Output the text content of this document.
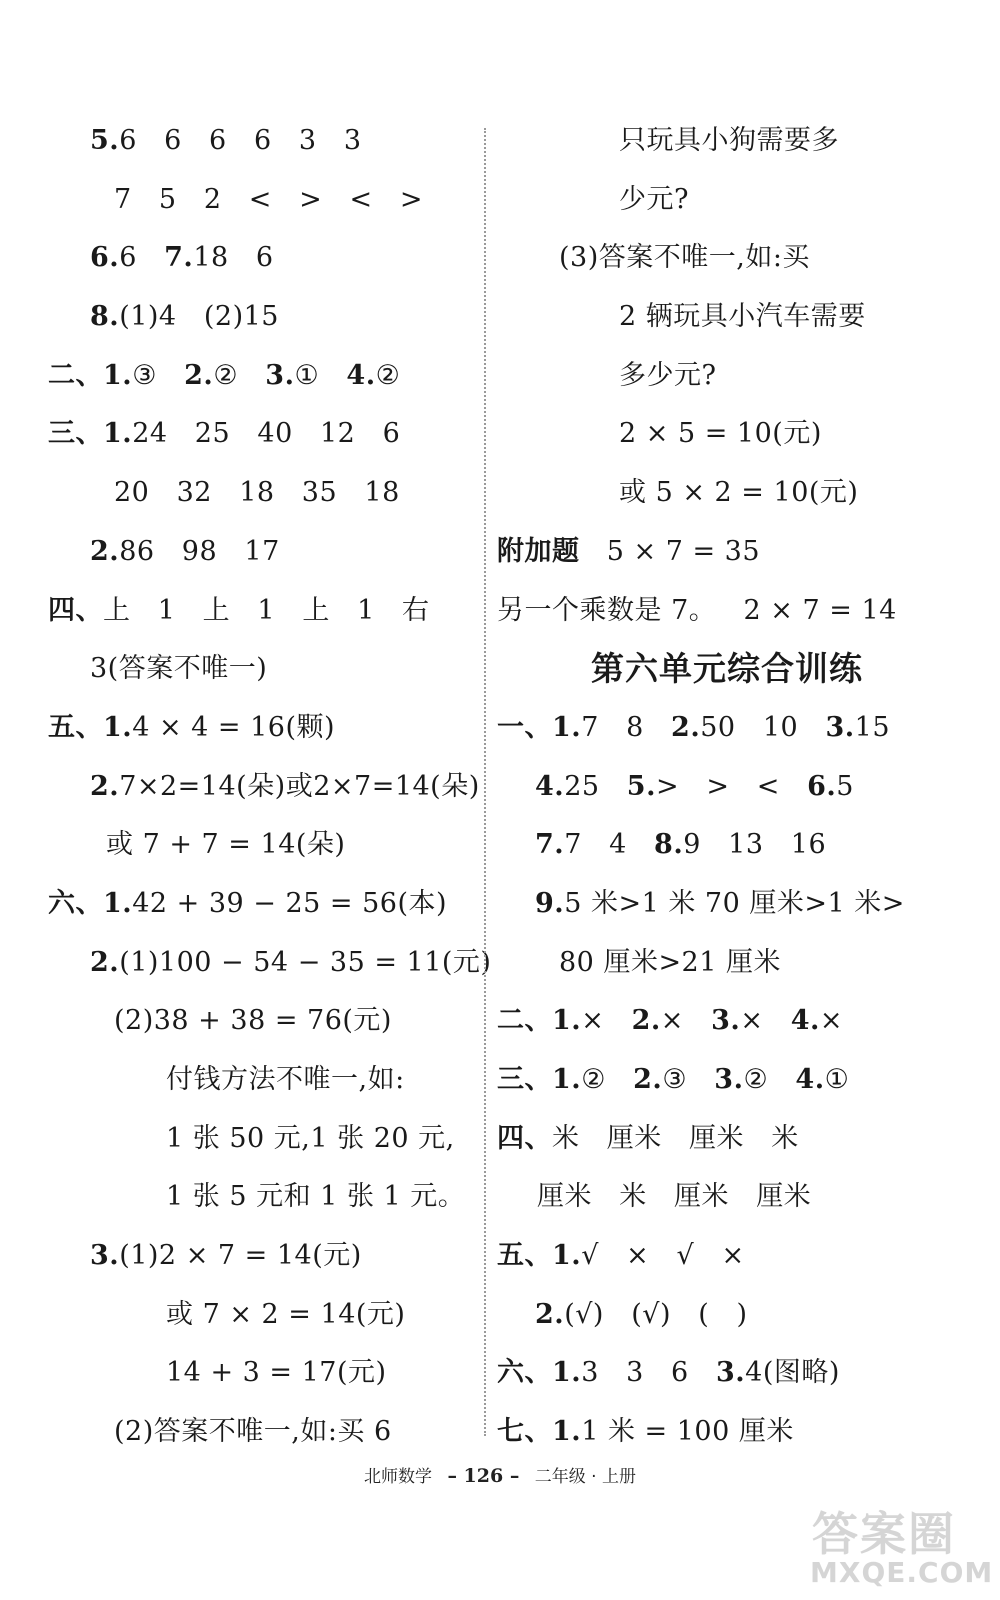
5.6   6   6   6   3   3
7   5   2   <   >   <   >
6.6   7.18   6
8.(1)4   (2)15
二、1.③   2.②   3.①   4.②
三、1.24   25   40   12   6
20   32   18   35   18
2.86   98   17
四、上   1   上   1   上   1   右
3(答案不唯一)
五、1.4 × 4 = 16(颗)
2.7×2=14(朵)或2×7=14(朵)
或 7 + 7 = 14(朵)
六、1.42 + 39 − 25 = 56(本)
2.(1)100 − 54 − 35 = 11(元)
(2)38 + 38 = 76(元)
付钱方法不唯一,如:
1 张 50 元,1 张 20 元,
1 张 5 元和 1 张 1 元。
3.(1)2 × 7 = 14(元)
或 7 × 2 = 14(元)
14 + 3 = 17(元)
(2)答案不唯一,如:买 6
只玩具小狗需要多
少元?
(3)答案不唯一,如:买
2 辆玩具小汽车需要
多少元?
2 × 5 = 10(元)
或 5 × 2 = 10(元)
附加题   5 × 7 = 35
另一个乘数是 7。   2 × 7 = 14
第六单元综合训练
一、1.7   8   2.50   10   3.15
4.25   5.>   >   <   6.5
7.7   4   8.9   13   16
9.5 米>1 米 70 厘米>1 米>
80 厘米>21 厘米
二、1.×   2.×   3.×   4.×
三、1.②   2.③   3.②   4.①
四、米   厘米   厘米   米
厘米   米   厘米   厘米
五、1.√   ×   √   ×
2.(√)   (√)   (   )
六、1.3   3   6   3.4(图略)
七、1.1 米 = 100 厘米
北师数学 – 126 – 二年级 · 上册
答案圈
MXQE.COM
